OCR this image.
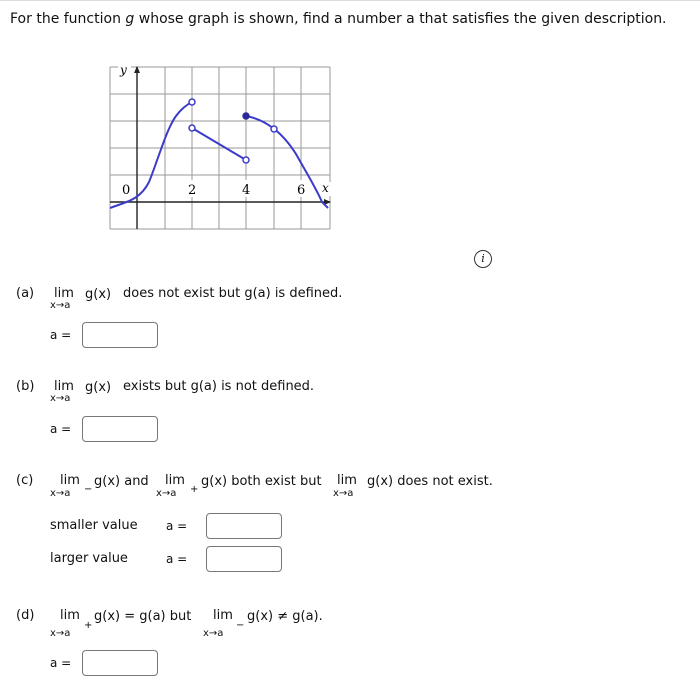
For the function g whose graph is shown, find a number a that satisfies the given description.
y
x
0	2	4	6
i
(a) lim
x→a
g(x) does not exist but g(a) is defined.
a =
(b) lim
x→a
g(x) exists but g(a) is not defined.
a =
(c) lim
x→a −
g(x) and lim
x→a +
g(x) both exist but lim
x→a
g(x) does not exist.
smaller value a =
larger value	a =
(d) lim
x→a
+
g(x) = g(a) but lim
x→a
−
g(x) ≠ g(a).
a =
